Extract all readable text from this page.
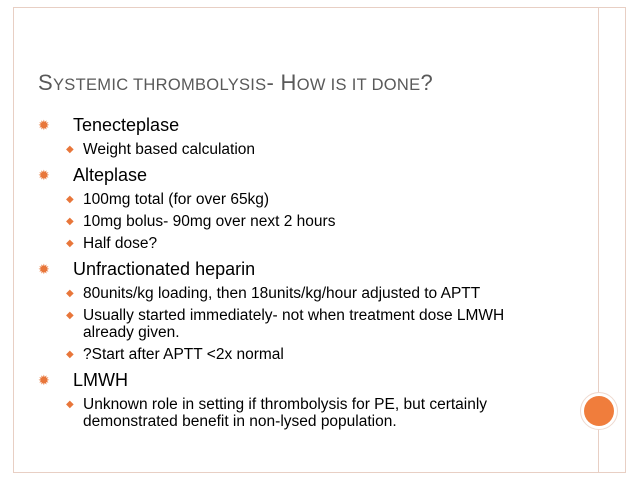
SYSTEMIC THROMBOLYSIS- HOW IS IT DONE?
✹ Tenecteplase
◆ Weight based calculation
✹ Alteplase
◆ 100mg total (for over 65kg)
◆ 10mg bolus- 90mg over next 2 hours
◆ Half dose?
✹ Unfractionated heparin
◆ 80units/kg loading, then 18units/kg/hour adjusted to APTT
◆ Usually started immediately- not when treatment dose LMWH already given.
◆ ?Start after APTT <2x normal
✹ LMWH
◆ Unknown role in setting if thrombolysis for PE, but certainly demonstrated benefit in non-lysed population.
